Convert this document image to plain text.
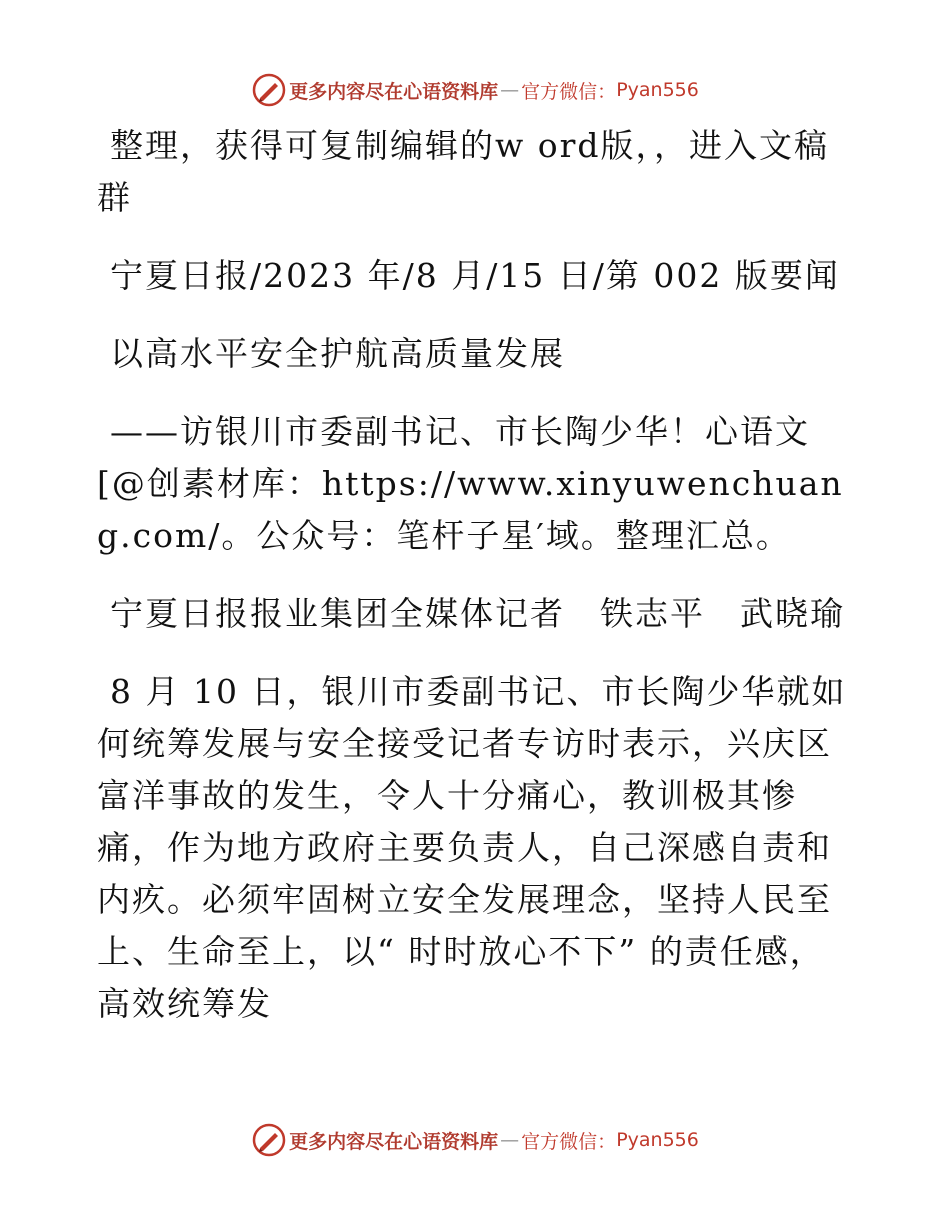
更多内容尽在心语资料库 — 官方微信： Pyan556

整理，获得可复制编辑的w ord版，，进入文稿群

宁夏日报/2023 年/8 月/15 日/第 002 版要闻

以高水平安全护航高质量发展

——访银川市委副书记、市长陶少华！心语文[@创素材库：https://www.xinyuwenchuang.com/。公众号：笔杆子星′域。整理汇总。

宁夏日报报业集团全媒体记者　铁志平　武晓瑜

8 月 10 日，银川市委副书记、市长陶少华就如何统筹发展与安全接受记者专访时表示，兴庆区富洋事故的发生，令人十分痛心，教训极其惨痛，作为地方政府主要负责人，自己深感自责和内疚。必须牢固树立安全发展理念，坚持人民至上、生命至上，以“ 时时放心不下” 的责任感，高效统筹发

更多内容尽在心语资料库 — 官方微信： Pyan556
